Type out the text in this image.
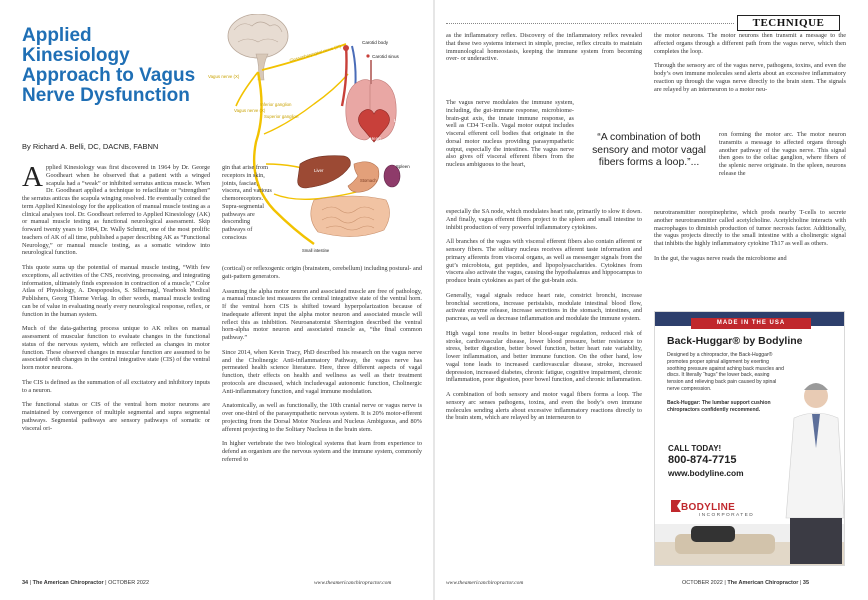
Applied Kinesiology Approach to Vagus Nerve Dysfunction
By Richard A. Belli, DC, DACNB, FABNN
Vagus nerve (X)
Vagus nerve (X)
Glossopharyngeal nerve (IX)
Inferior ganglion
Superior ganglion
Carotid body
Carotid sinus
Lungs
Heart
Liver
Spleen
Stomach
Small intestine

Applied Kinesiology was first discovered in 1964 by Dr. George Goodheart when he observed that a patient with a winged scapula had a “weak” or inhibited serratus anticus muscle. When Dr. Goodheart applied a technique to refacilitate or “strengthen” the serratus anticus the scapula winging resolved. He eventually coined the term Applied Kinesiology for the application of manual muscle testing as a clinical analyses tool. Dr. Goodheart referred to Applied Kinesiology (AK) or manual muscle testing as functional neurological assessment. Skip forward twenty years to 1984, Dr. Wally Schmitt, one of the most prolific teachers of AK of all time, published a paper describing AK as “Functional Neurology,” or manual muscle testing, as a somatic window into neurological function.

This quote sums up the potential of manual muscle testing, “With few exceptions, all activities of the CNS, receiving, processing, and integrating information, ultimately finds expression in contraction of a muscle,” Color Atlas of Physiology, A. Despopoulos, S. Silbernagl, Yearbook Medical Publishers, Georg Thieme Verlag. In other words, manual muscle testing can be of value in evaluating nearly every neurological response, reflex, or function in the human system.

Much of the data-gathering process unique to AK relies on manual assessment of muscular function to evaluate changes in the functional status of the nervous system, which are reflected as changes in motor function. These observed changes in muscular function are assumed to be associated with changes in the central integrative state (CIS) of the ventral horn motor neurons.

The CIS is defined as the summation of all excitatory and inhibitory inputs to a neuron.

The functional status or CIS of the ventral horn motor neurons are maintained by convergence of multiple segmental and supra segmental pathways. Segmental pathways are sensory pathways of somatic or visceral ori-

gin that arise from receptors in skin, joints, fasciae, viscera, and various chemoreceptors. Supra-segmental pathways are descending pathways of conscious

(cortical) or reflexogenic origin (brainstem, cerebellum) including postural- and gait-pattern generators.

Assuming the alpha motor neuron and associated muscle are free of pathology, a manual muscle test measures the central integrative state of the ventral horn. If the ventral horn CIS is shifted toward hyperpolarization because of inadequate afferent input the alpha motor neuron and associated muscle will reflect this as inhibition. Neuroanatomist Sherrington described the ventral horn-alpha motor neuron and associated muscle as, “the final common pathway.”

Since 2014, when Kevin Tracy, PhD described his research on the vagus nerve and the Cholinergic Anti-inflammatory Pathway, the vagus nerve has permeated health science literature. Here, three different aspects of vagal function, their effects on health and wellness as well as their treatment protocols are discussed, which includevagal autonomic function, Cholinergic Anti-inflammatory function, and vagal immune modulation.

Anatomically, as well as functionally, the 10th cranial nerve or vagus nerve is over one-third of the parasympathetic nervous system. It is 20% motor-efferent projecting from the Dorsal Motor Nucleus and Nucleus Ambiguous, and 80% afferent projecting to the Solitary Nucleus in the brain stem.

In higher vertebrate the two biological systems that learn from experience to defend an organism are the nervous system and the immune system, commonly referred to

34 | The American Chiropractor | OCTOBER 2022	www.theamericanchiropractor.com
TECHNIQUE

as the inflammatory reflex. Discovery of the inflammatory reflex revealed that these two systems intersect in simple, precise, reflex circuits to maintain immunological homeostasis, keeping the immune system from becoming over- or underactive.

The vagus nerve modulates the immune system, including, the gut-immune response, microbiome-brain-gut axis, the innate immune response, as well as CD4 T-cells. Vagal motor output includes visceral efferent cell bodies that originate in the dorsal motor nucleus providing parasympathetic output, especially the intestines. The vagus nerve also gives off visceral efferent fibers from the nucleus ambiguous to the heart,

especially the SA node, which modulates heart rate, primarily to slow it down. And finally, vagus efferent fibers project to the spleen and small intestine to inhibit production of very powerful inflammatory cytokines.

All branches of the vagus with visceral efferent fibers also contain afferent or sensory fibers. The solitary nucleus receives afferent taste information and primary afferents from visceral organs, as well as messenger signals from the gut’s microbiota, gut peptides, and lipopolysaccharides. Cytokines from viscera also activate the vagus, causing the hypothalamus and hippocampus to produce brain cytokines as part of the gut-brain axis.

Generally, vagal signals reduce heart rate, constrict bronchi, increase bronchial secretions, increase peristalsis, modulate intestinal blood flow, activate enzyme release, increase secretions in the stomach, intestines, and pancreas, as well as decrease inflammation and modulate the immune system.

High vagal tone results in better blood-sugar regulation, reduced risk of stroke, cardiovascular disease, lower blood pressure, better resistance to stress, better digestion, better bowel function, better heart rate variability, lower inflammation, and better immune function. On the other hand, low vagal tone leads to increased cardiovascular disease, stroke, increased depression, increased diabetes, chronic fatigue, cognitive impairment, chronic inflammation, poor digestion, poor bowel function, and chronic inflammation.

A combination of both sensory and motor vagal fibers forms a loop. The sensory arc senses pathogens, toxins, and even the body’s own immune molecules sending alerts about excessive inflammatory reactions directly to the brain stem, which are relayed by an interneuron to

“A combination of both sensory and motor vagal fibers forms a loop.”...

the motor neurons. The motor neurons then transmit a message to the affected organs through a different path from the vagus nerve, which then completes the loop.

Through the sensory arc of the vagus nerve, pathogens, toxins, and even the body’s own immune molecules send alerts about an excessive inflammatory reaction up through the vagus nerve directly to the brain stem. The signals are relayed by an interneuron to a motor neu-

ron forming the motor arc. The motor neuron transmits a message to affected organs through another pathway of the vagus nerve. This signal then goes to the celiac ganglion, where fibers of the splenic nerve originate. In the spleen, neurons release the

neurotransmitter norepinephrine, which prods nearby T-cells to secrete another neurotransmitter called acetylcholine. Acetylcholine interacts with macrophages to diminish production of tumor necrosis factor. Additionally, the vagus projects directly to the small intestine with a cholinergic signal that inhibits the highly inflammatory cytokine Th17 as well as others.

In the gut, the vagus nerve reads the microbiome and

MADE IN THE USA
Back-Huggar® by Bodyline
Designed by a chiropractor, the Back-Huggar® promotes proper spinal alignment by exerting soothing pressure against aching back muscles and discs. It literally “hugs” the lower back, easing tension and relieving back pain caused by spinal nerve compression.
Back-Huggar: The lumbar support cushion chiropractors confidently recommend.
CALL TODAY!
800-874-7715
www.bodyline.com
BODYLINE
INCORPORATED
www.theamericanchiropractor.com	OCTOBER 2022 | The American Chiropractor | 35
